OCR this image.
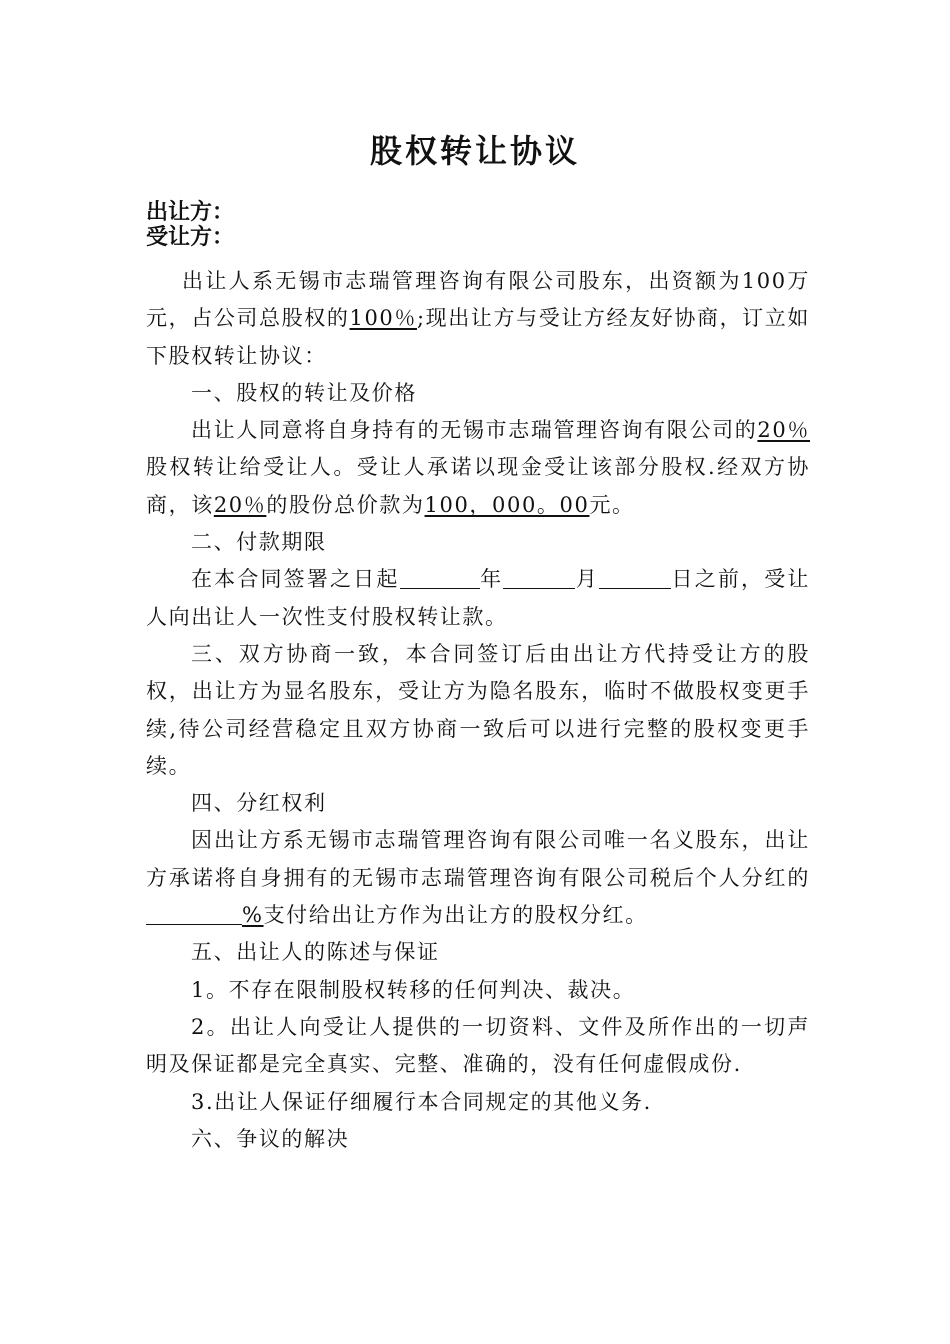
股权转让协议
出让方：
受让方：

出让人系无锡市志瑞管理咨询有限公司股东，出资额为100万元，占公司总股权的100％;现出让方与受让方经友好协商，订立如下股权转让协议：

一、股权的转让及价格

出让人同意将自身持有的无锡市志瑞管理咨询有限公司的20％股权转让给受让人。受让人承诺以现金受让该部分股权.经双方协商，该20％的股份总价款为100，000。00元。

二、付款期限

在本合同签署之日起	年	月	日之前，受让人向出让人一次性支付股权转让款。

三、双方协商一致，本合同签订后由出让方代持受让方的股权，出让方为显名股东，受让方为隐名股东，临时不做股权变更手续,待公司经营稳定且双方协商一致后可以进行完整的股权变更手续。

四、分红权利

因出让方系无锡市志瑞管理咨询有限公司唯一名义股东，出让方承诺将自身拥有的无锡市志瑞管理咨询有限公司税后个人分红的%支付给出让方作为出让方的股权分红。

五、出让人的陈述与保证

1。不存在限制股权转移的任何判决、裁决。

2。出让人向受让人提供的一切资料、文件及所作出的一切声明及保证都是完全真实、完整、准确的，没有任何虚假成份.

3.出让人保证仔细履行本合同规定的其他义务.

六、争议的解决
